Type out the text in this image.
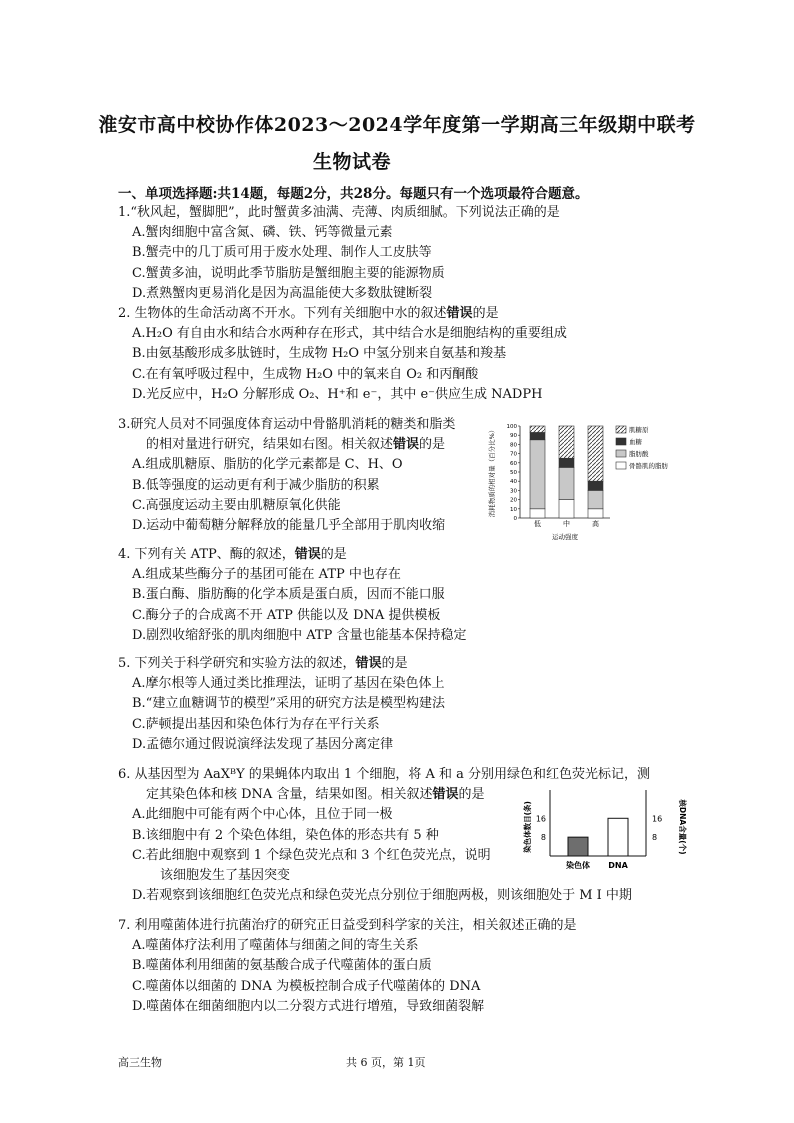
淮安市高中校协作体2023～2024学年度第一学期高三年级期中联考
生物试卷
一、单项选择题:共14题，每题2分，共28分。每题只有一个选项最符合题意。
1.“秋风起，蟹脚肥”，此时蟹黄多油满、壳薄、肉质细腻。下列说法正确的是
A.蟹肉细胞中富含氮、磷、铁、钙等微量元素
B.蟹壳中的几丁质可用于废水处理、制作人工皮肤等
C.蟹黄多油，说明此季节脂肪是蟹细胞主要的能源物质
D.煮熟蟹肉更易消化是因为高温能使大多数肽键断裂
2. 生物体的生命活动离不开水。下列有关细胞中水的叙述错误的是
A.H₂O 有自由水和结合水两种存在形式，其中结合水是细胞结构的重要组成
B.由氨基酸形成多肽链时，生成物 H₂O 中氢分别来自氨基和羧基
C.在有氧呼吸过程中，生成物 H₂O 中的氧来自 O₂ 和丙酮酸
D.光反应中，H₂O 分解形成 O₂、H⁺和 e⁻，其中 e⁻供应生成 NADPH
3.研究人员对不同强度体育运动中骨骼肌消耗的糖类和脂类
的相对量进行研究，结果如右图。相关叙述错误的是
A.组成肌糖原、脂肪的化学元素都是 C、H、O
B.低等强度的运动更有利于减少脂肪的积累
C.高强度运动主要由肌糖原氧化供能
D.运动中葡萄糖分解释放的能量几乎全部用于肌肉收缩	0
10
20
30
40
50
60
70
80
90
100
消耗物质的相对量（百分比%）
低	中	高
运动强度
肌糖原
血糖
脂肪酸
骨骼肌的脂肪
4. 下列有关 ATP、酶的叙述，错误的是
A.组成某些酶分子的基团可能在 ATP 中也存在
B.蛋白酶、脂肪酶的化学本质是蛋白质，因而不能口服
C.酶分子的合成离不开 ATP 供能以及 DNA 提供模板
D.剧烈收缩舒张的肌肉细胞中 ATP 含量也能基本保持稳定
5. 下列关于科学研究和实验方法的叙述，错误的是
A.摩尔根等人通过类比推理法，证明了基因在染色体上
B.“建立血糖调节的模型”采用的研究方法是模型构建法
C.萨顿提出基因和染色体行为存在平行关系
D.孟德尔通过假说演绎法发现了基因分离定律
6. 从基因型为 AaXᴮY 的果蝇体内取出 1 个细胞，将 A 和 a 分别用绿色和红色荧光标记，测
定其染色体和核 DNA 含量，结果如图。相关叙述错误的是
A.此细胞中可能有两个中心体，且位于同一极
B.该细胞中有 2 个染色体组，染色体的形态共有 5 种
C.若此细胞中观察到 1 个绿色荧光点和 3 个红色荧光点，说明
该细胞发生了基因突变
D.若观察到该细胞红色荧光点和绿色荧光点分别位于细胞两极，则该细胞处于 M I 中期
8
16
8
16
染色体数目(条)	核DNA含量(个)
染色体 DNA
7. 利用噬菌体进行抗菌治疗的研究正日益受到科学家的关注，相关叙述正确的是
A.噬菌体疗法利用了噬菌体与细菌之间的寄生关系
B.噬菌体利用细菌的氨基酸合成子代噬菌体的蛋白质
C.噬菌体以细菌的 DNA 为模板控制合成子代噬菌体的 DNA
D.噬菌体在细菌细胞内以二分裂方式进行增殖，导致细菌裂解
高三生物	共 6 页，第 1页
